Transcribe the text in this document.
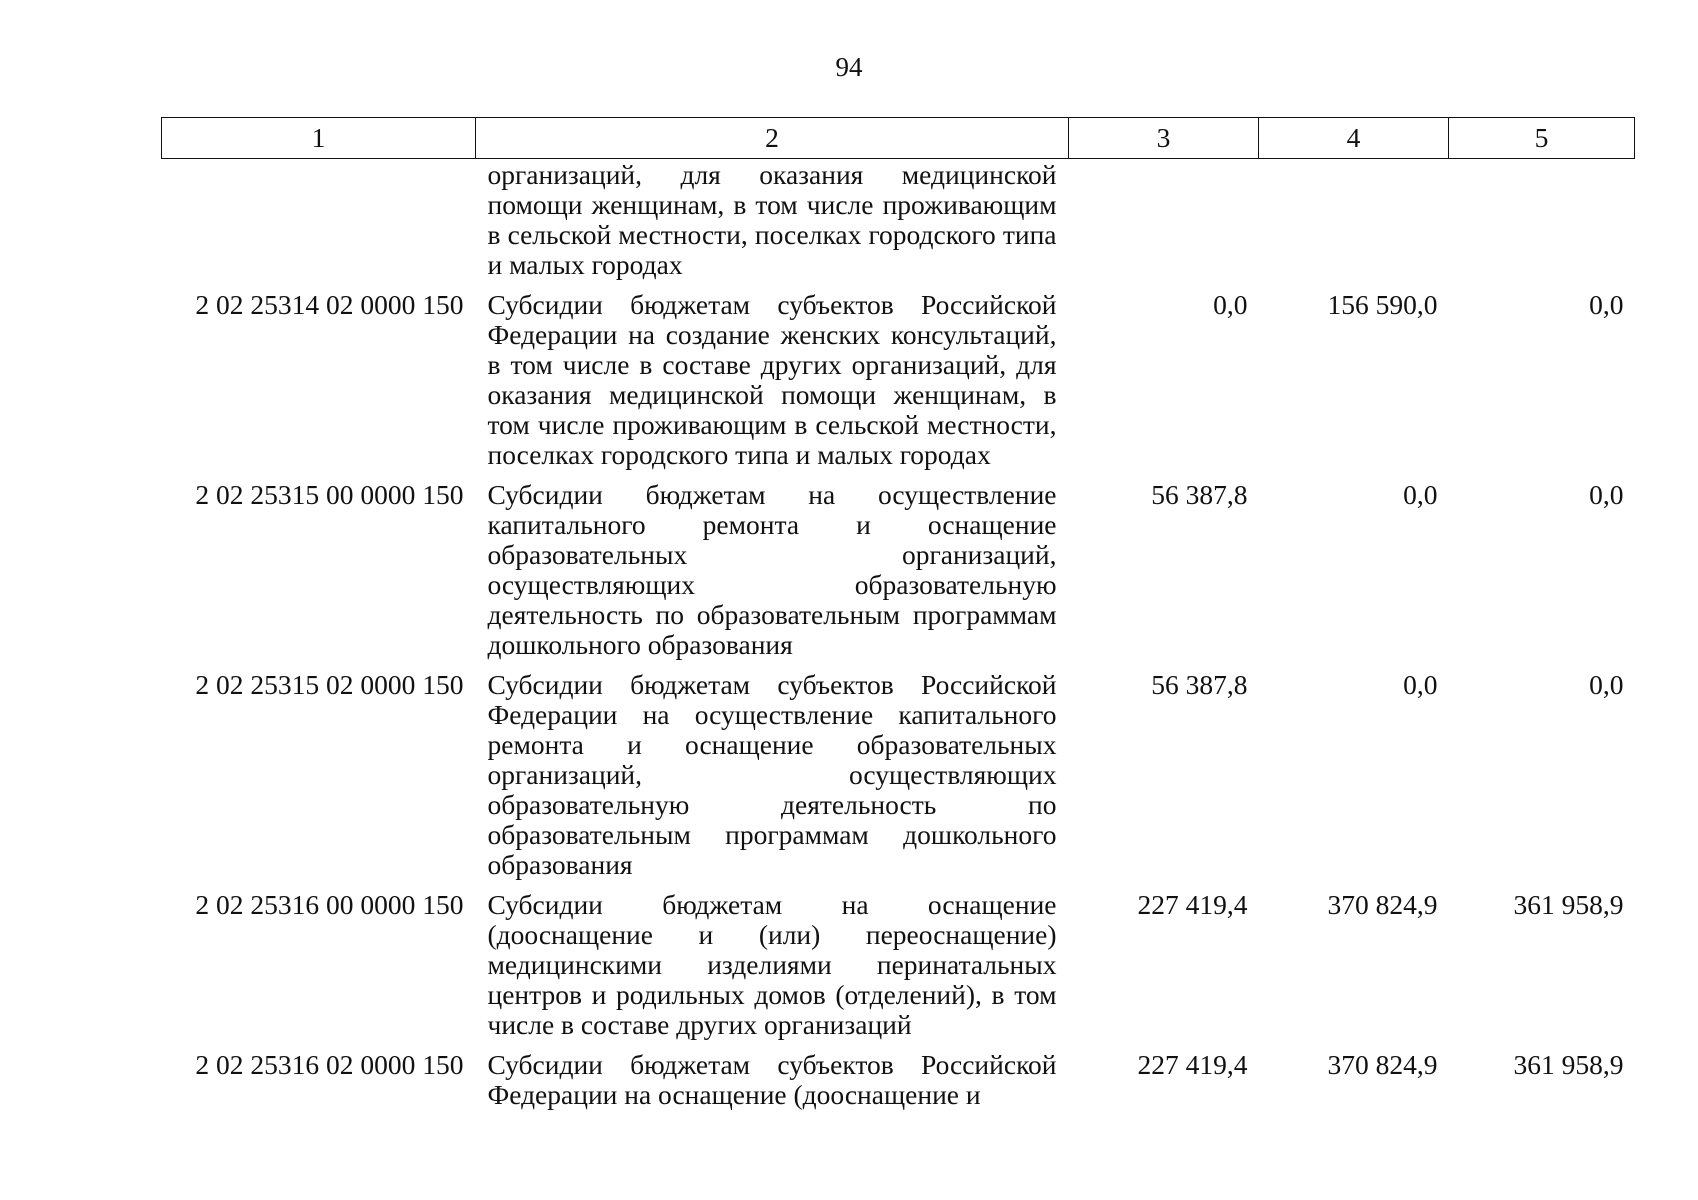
94
1	2	3	4	5
	организаций, для оказания медицинской помощи женщинам, в том числе проживающим в сельской местности, поселках городского типа и малых городах			
2 02 25314 02 0000 150	Субсидии бюджетам субъектов Российской Федерации на создание женских консультаций, в том числе в составе других организаций, для оказания медицинской помощи женщинам, в том числе проживающим в сельской местности, поселках городского типа и малых городах	0,0	156 590,0	0,0
2 02 25315 00 0000 150	Субсидии бюджетам на осуществление капитального ремонта и оснащение образовательных организаций, осуществляющих образовательную деятельность по образовательным программам дошкольного образования	56 387,8	0,0	0,0
2 02 25315 02 0000 150	Субсидии бюджетам субъектов Российской Федерации на осуществление капитального ремонта и оснащение образовательных организаций, осуществляющих образовательную деятельность по образовательным программам дошкольного образования	56 387,8	0,0	0,0
2 02 25316 00 0000 150	Субсидии бюджетам на оснащение (дооснащение и (или) переоснащение) медицинскими изделиями перинатальных центров и родильных домов (отделений), в том числе в составе других организаций	227 419,4	370 824,9	361 958,9
2 02 25316 02 0000 150	Субсидии бюджетам субъектов Российской Федерации на оснащение (дооснащение и	227 419,4	370 824,9	361 958,9
